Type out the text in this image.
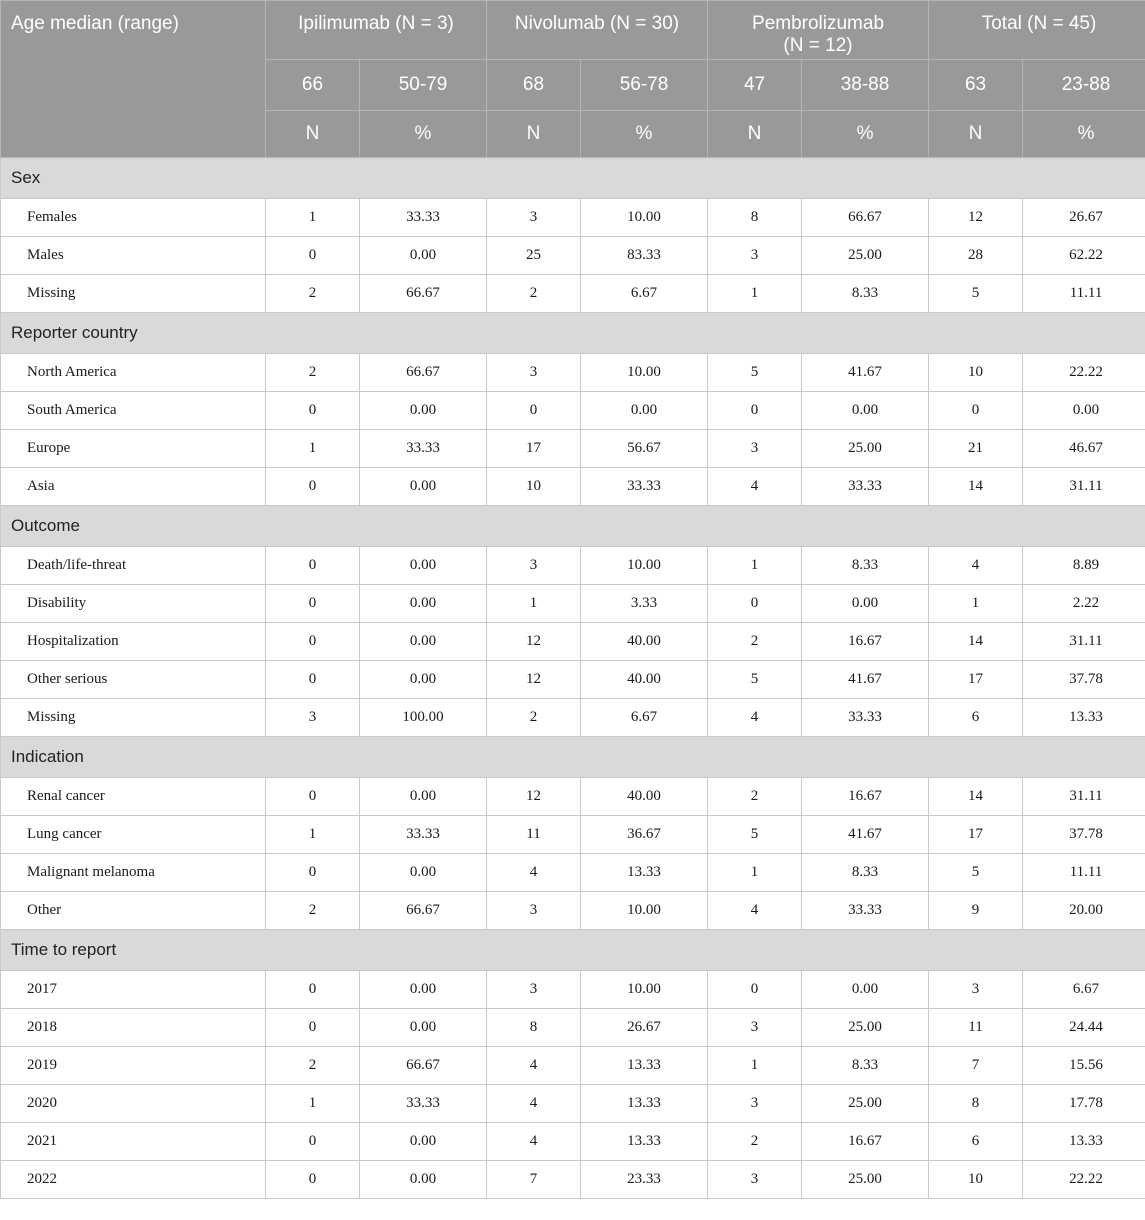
Age median (range)	Ipilimumab (N = 3)		Nivolumab (N = 30)		Pembrolizumab
(N = 12)		Total (N = 45)	
	66	50-79	68	56-78	47	38-88	63	23-88
	N	%	N	%	N	%	N	%
Sex								
Females	1	33.33	3	10.00	8	66.67	12	26.67
Males	0	0.00	25	83.33	3	25.00	28	62.22
Missing	2	66.67	2	6.67	1	8.33	5	11.11
Reporter country								
North America	2	66.67	3	10.00	5	41.67	10	22.22
South America	0	0.00	0	0.00	0	0.00	0	0.00
Europe	1	33.33	17	56.67	3	25.00	21	46.67
Asia	0	0.00	10	33.33	4	33.33	14	31.11
Outcome								
Death/life-threat	0	0.00	3	10.00	1	8.33	4	8.89
Disability	0	0.00	1	3.33	0	0.00	1	2.22
Hospitalization	0	0.00	12	40.00	2	16.67	14	31.11
Other serious	0	0.00	12	40.00	5	41.67	17	37.78
Missing	3	100.00	2	6.67	4	33.33	6	13.33
Indication								
Renal cancer	0	0.00	12	40.00	2	16.67	14	31.11
Lung cancer	1	33.33	11	36.67	5	41.67	17	37.78
Malignant melanoma	0	0.00	4	13.33	1	8.33	5	11.11
Other	2	66.67	3	10.00	4	33.33	9	20.00
Time to report								
2017	0	0.00	3	10.00	0	0.00	3	6.67
2018	0	0.00	8	26.67	3	25.00	11	24.44
2019	2	66.67	4	13.33	1	8.33	7	15.56
2020	1	33.33	4	13.33	3	25.00	8	17.78
2021	0	0.00	4	13.33	2	16.67	6	13.33
2022	0	0.00	7	23.33	3	25.00	10	22.22
